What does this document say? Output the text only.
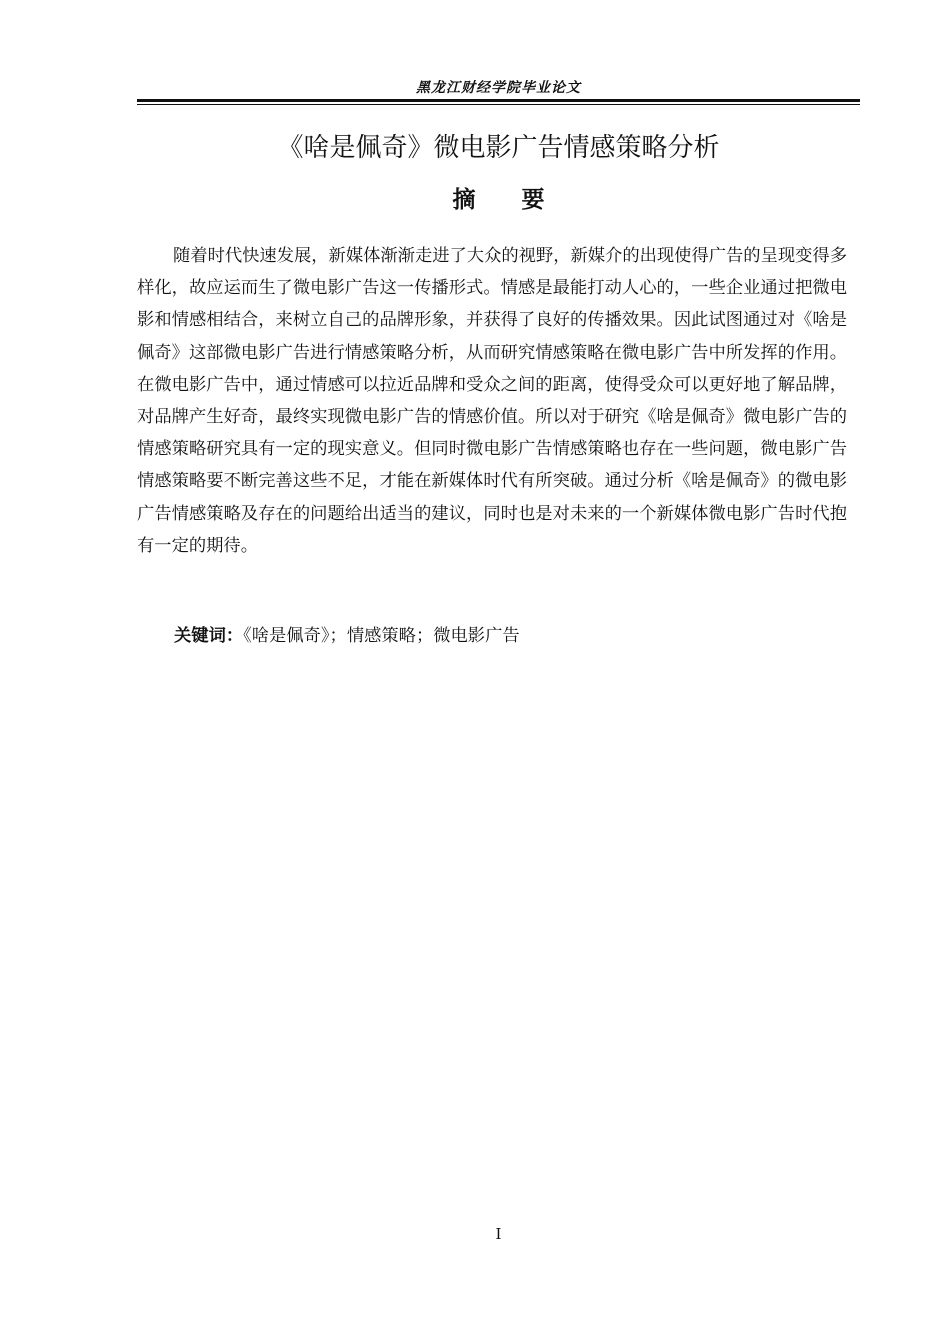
黑龙江财经学院毕业论文
《啥是佩奇》微电影广告情感策略分析
摘要

随着时代快速发展，新媒体渐渐走进了大众的视野，新媒介的出现使得广告的呈现变得多样化，故应运而生了微电影广告这一传播形式。情感是最能打动人心的，一些企业通过把微电影和情感相结合，来树立自己的品牌形象，并获得了良好的传播效果。因此试图通过对《啥是佩奇》这部微电影广告进行情感策略分析，从而研究情感策略在微电影广告中所发挥的作用。在微电影广告中，通过情感可以拉近品牌和受众之间的距离，使得受众可以更好地了解品牌，对品牌产生好奇，最终实现微电影广告的情感价值。所以对于研究《啥是佩奇》微电影广告的情感策略研究具有一定的现实意义。但同时微电影广告情感策略也存在一些问题，微电影广告情感策略要不断完善这些不足，才能在新媒体时代有所突破。通过分析《啥是佩奇》的微电影广告情感策略及存在的问题给出适当的建议，同时也是对未来的一个新媒体微电影广告时代抱有一定的期待。

关键词：《啥是佩奇》；情感策略；微电影广告

I
